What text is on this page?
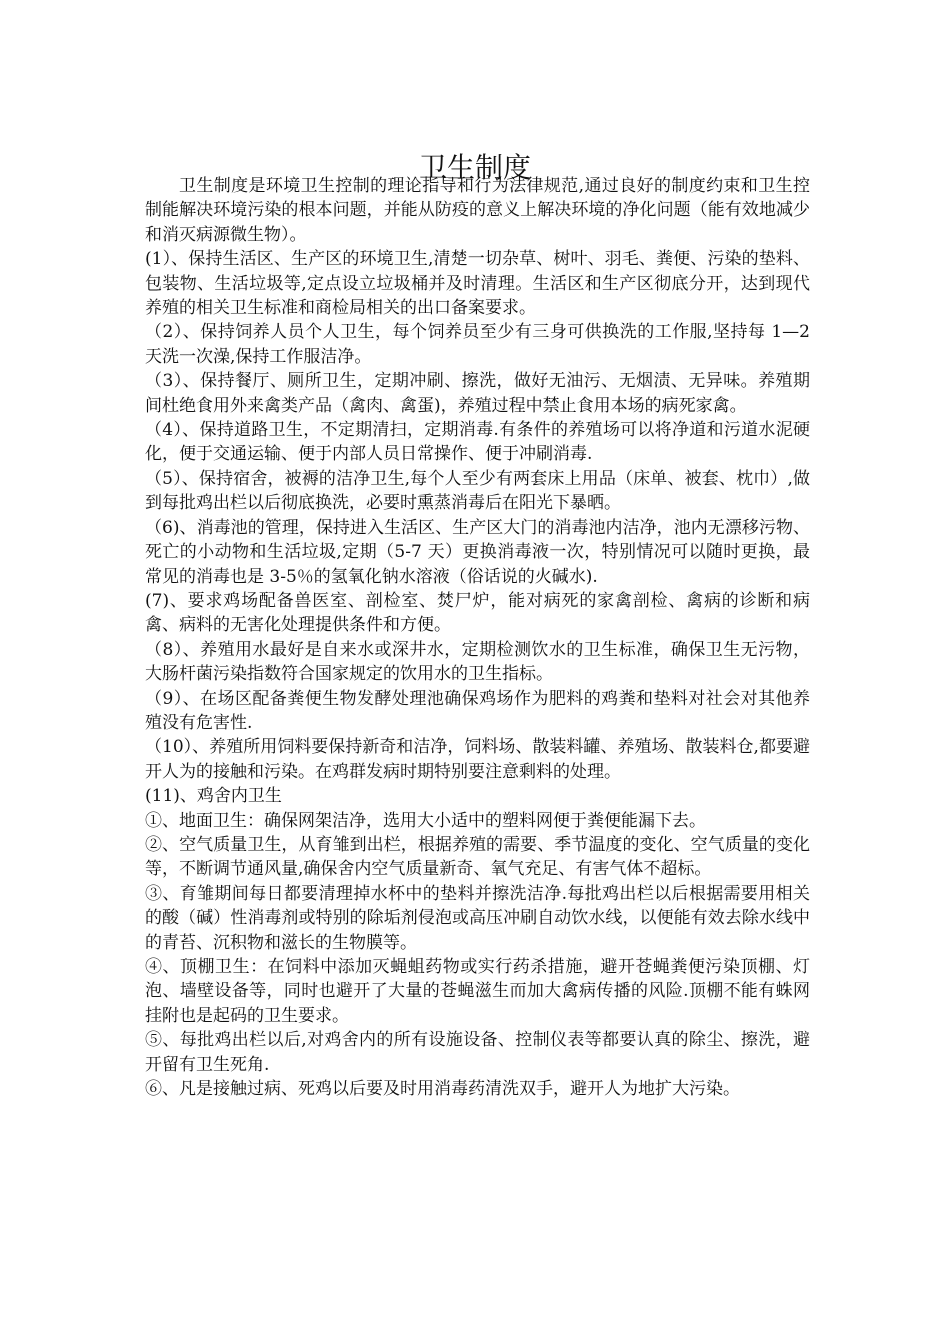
卫生制度

卫生制度是环境卫生控制的理论指导和行为法律规范,通过良好的制度约束和卫生控制能解决环境污染的根本问题，并能从防疫的意义上解决环境的净化问题（能有效地减少和消灭病源微生物）。

(1）、保持生活区、生产区的环境卫生,清楚一切杂草、树叶、羽毛、粪便、污染的垫料、包装物、生活垃圾等,定点设立垃圾桶并及时清理。生活区和生产区彻底分开，达到现代养殖的相关卫生标准和商检局相关的出口备案要求。

（2）、保持饲养人员个人卫生，每个饲养员至少有三身可供换洗的工作服,坚持每 1—2 天洗一次澡,保持工作服洁净。

（3）、保持餐厅、厕所卫生，定期冲刷、擦洗，做好无油污、无烟渍、无异味。养殖期间杜绝食用外来禽类产品（禽肉、禽蛋)，养殖过程中禁止食用本场的病死家禽。

（4）、保持道路卫生，不定期清扫，定期消毒.有条件的养殖场可以将净道和污道水泥硬化，便于交通运输、便于内部人员日常操作、便于冲刷消毒.

（5）、保持宿舍，被褥的洁净卫生,每个人至少有两套床上用品（床单、被套、枕巾）,做到每批鸡出栏以后彻底换洗，必要时熏蒸消毒后在阳光下暴晒。

（6)、消毒池的管理，保持进入生活区、生产区大门的消毒池内洁净，池内无漂移污物、死亡的小动物和生活垃圾,定期（5-7 天）更换消毒液一次，特别情况可以随时更换，最常见的消毒也是 3-5％的氢氧化钠水溶液（俗话说的火碱水).

(7)、要求鸡场配备兽医室、剖检室、焚尸炉，能对病死的家禽剖检、禽病的诊断和病禽、病料的无害化处理提供条件和方便。

（8）、养殖用水最好是自来水或深井水，定期检测饮水的卫生标准，确保卫生无污物，大肠杆菌污染指数符合国家规定的饮用水的卫生指标。

（9）、在场区配备粪便生物发酵处理池确保鸡场作为肥料的鸡粪和垫料对社会对其他养殖没有危害性.

（10）、养殖所用饲料要保持新奇和洁净，饲料场、散装料罐、养殖场、散装料仓,都要避开人为的接触和污染。在鸡群发病时期特别要注意剩料的处理。

(11)、鸡舍内卫生

①、地面卫生：确保网架洁净，选用大小适中的塑料网便于粪便能漏下去。

②、空气质量卫生，从育雏到出栏，根据养殖的需要、季节温度的变化、空气质量的变化等，不断调节通风量,确保舍内空气质量新奇、氧气充足、有害气体不超标。

③、育雏期间每日都要清理掉水杯中的垫料并擦洗洁净.每批鸡出栏以后根据需要用相关的酸（碱）性消毒剂或特别的除垢剂侵泡或高压冲刷自动饮水线，以便能有效去除水线中的青苔、沉积物和滋长的生物膜等。

④、顶棚卫生：在饲料中添加灭蝇蛆药物或实行药杀措施，避开苍蝇粪便污染顶棚、灯泡、墙壁设备等，同时也避开了大量的苍蝇滋生而加大禽病传播的风险.顶棚不能有蛛网挂附也是起码的卫生要求。

⑤、每批鸡出栏以后,对鸡舍内的所有设施设备、控制仪表等都要认真的除尘、擦洗，避开留有卫生死角.

⑥、凡是接触过病、死鸡以后要及时用消毒药清洗双手，避开人为地扩大污染。
